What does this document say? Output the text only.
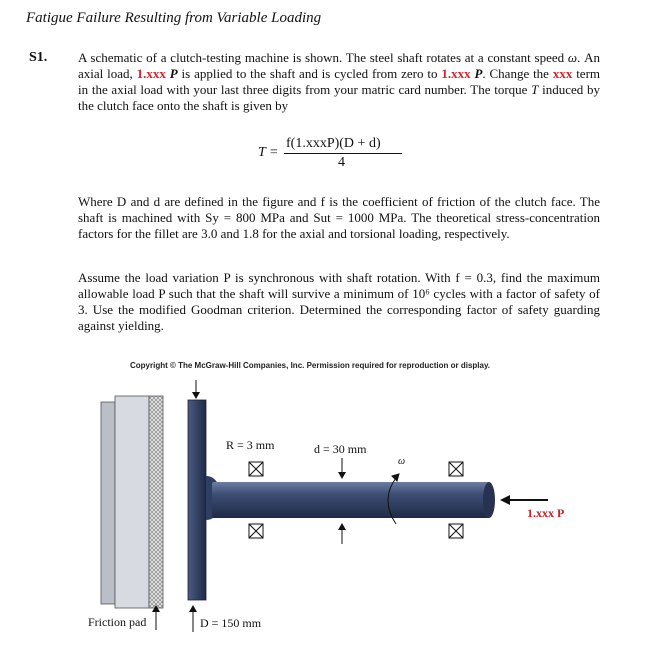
Fatigue Failure Resulting from Variable Loading
S1. A schematic of a clutch-testing machine is shown. The steel shaft rotates at a constant speed ω. An axial load, 1.xxx P is applied to the shaft and is cycled from zero to 1.xxx P. Change the xxx term in the axial load with your last three digits from your matric card number. The torque T induced by the clutch face onto the shaft is given by
T =
f(1.xxxP)(D + d)
4
Where D and d are defined in the figure and f is the coefficient of friction of the clutch face. The shaft is machined with Sy = 800 MPa and Sut = 1000 MPa. The theoretical stress-concentration factors for the fillet are 3.0 and 1.8 for the axial and torsional loading, respectively.
Assume the load variation P is synchronous with shaft rotation. With f = 0.3, find the maximum allowable load P such that the shaft will survive a minimum of 10⁶ cycles with a factor of safety of 3. Use the modified Goodman criterion. Determined the corresponding factor of safety guarding against yielding.
Copyright © The McGraw-Hill Companies, Inc. Permission required for reproduction or display.
R = 3 mm	d = 30 mm
ω
1.xxx P
Friction pad	D = 150 mm
